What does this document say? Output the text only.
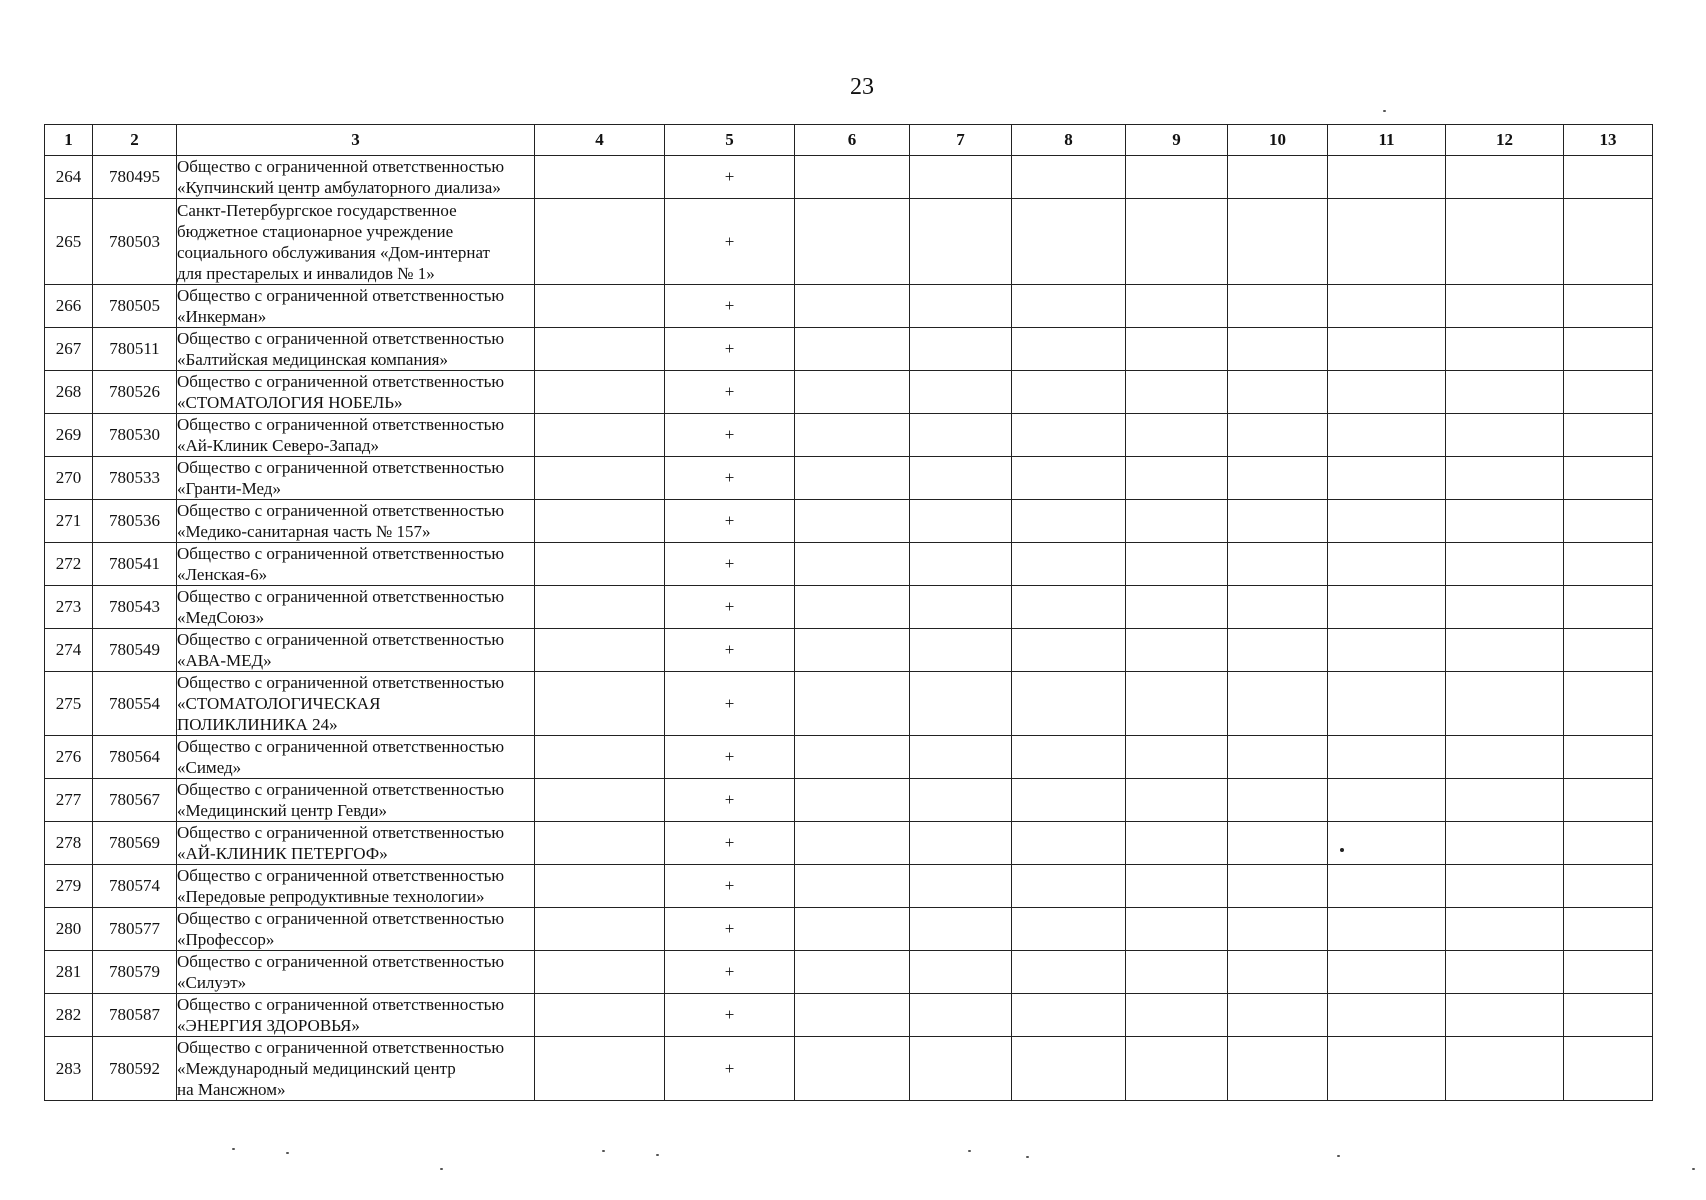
23
1	2	3	4	5	6	7	8	9	10	11	12	13
264	780495	Общество с ограниченной ответственностью
«Купчинский центр амбулаторного диализа»		+								
265	780503	Санкт-Петербургское государственное
бюджетное стационарное учреждение
социального обслуживания «Дом-интернат
для престарелых и инвалидов № 1»		+								
266	780505	Общество с ограниченной ответственностью
«Инкерман»		+								
267	780511	Общество с ограниченной ответственностью
«Балтийская медицинская компания»		+								
268	780526	Общество с ограниченной ответственностью
«СТОМАТОЛОГИЯ НОБЕЛЬ»		+								
269	780530	Общество с ограниченной ответственностью
«Ай-Клиник Северо-Запад»		+								
270	780533	Общество с ограниченной ответственностью
«Гранти-Мед»		+								
271	780536	Общество с ограниченной ответственностью
«Медико-санитарная часть № 157»		+								
272	780541	Общество с ограниченной ответственностью
«Ленская-6»		+								
273	780543	Общество с ограниченной ответственностью
«МедСоюз»		+								
274	780549	Общество с ограниченной ответственностью
«АВА-МЕД»		+								
275	780554	Общество с ограниченной ответственностью
«СТОМАТОЛОГИЧЕСКАЯ
ПОЛИКЛИНИКА 24»		+								
276	780564	Общество с ограниченной ответственностью
«Симед»		+								
277	780567	Общество с ограниченной ответственностью
«Медицинский центр Гевди»		+								
278	780569	Общество с ограниченной ответственностью
«АЙ-КЛИНИК ПЕТЕРГОФ»		+								
279	780574	Общество с ограниченной ответственностью
«Передовые репродуктивные технологии»		+								
280	780577	Общество с ограниченной ответственностью
«Профессор»		+								
281	780579	Общество с ограниченной ответственностью
«Силуэт»		+								
282	780587	Общество с ограниченной ответственностью
«ЭНЕРГИЯ ЗДОРОВЬЯ»		+								
283	780592	Общество с ограниченной ответственностью
«Международный медицинский центр
на Мансжном»		+								
